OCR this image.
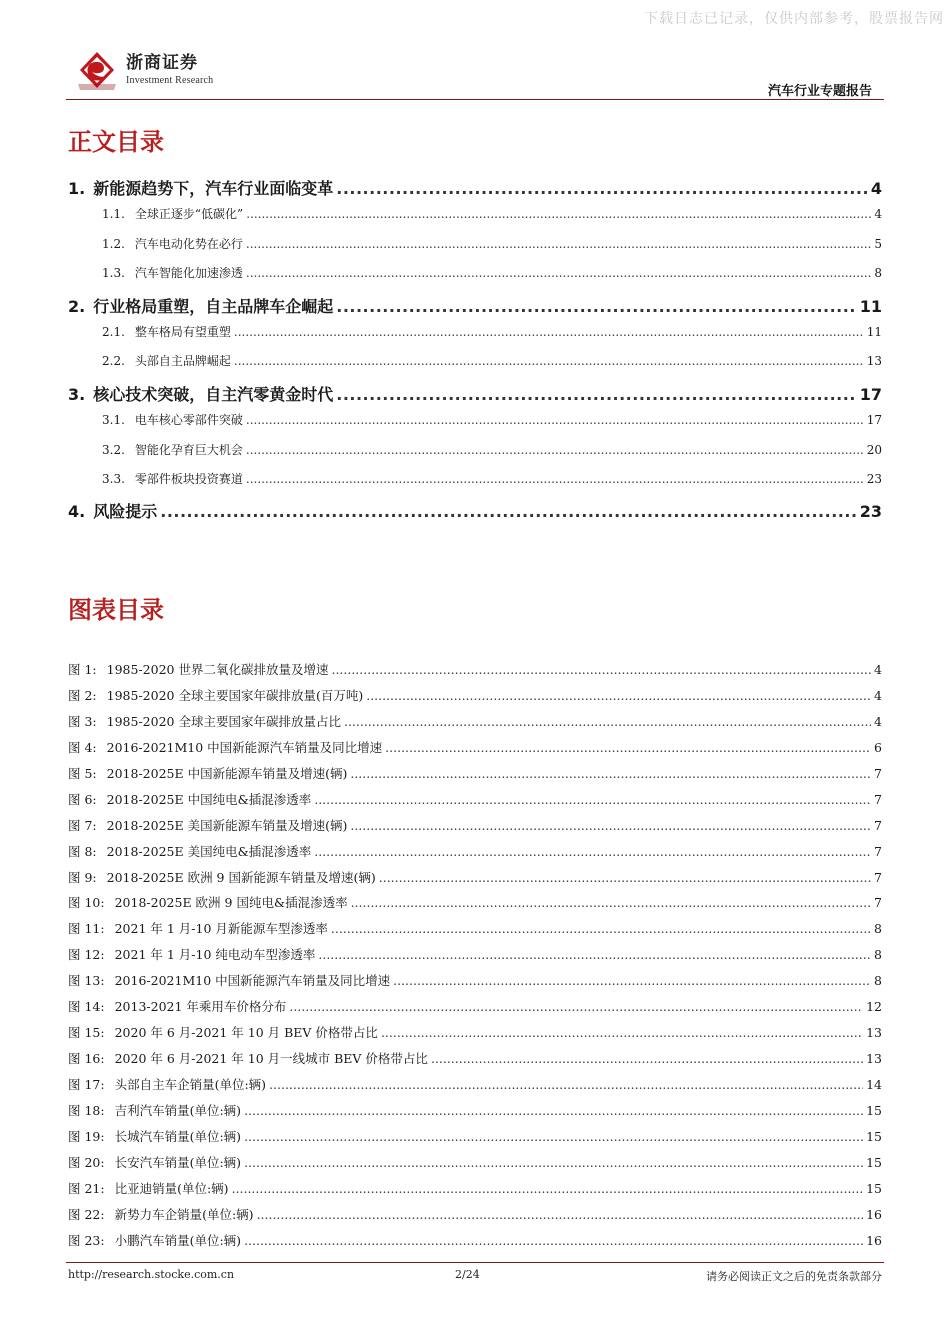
下载日志已记录，仅供内部参考，股票报告网
浙商证券
Investment Research
汽车行业专题报告
正文目录
1. 新能源趋势下，汽车行业面临变革 .....	4
1.1. 全球正逐步“低碳化” .....	4
1.2. 汽车电动化势在必行 .....	5
1.3. 汽车智能化加速渗透 .....	8
2. 行业格局重塑，自主品牌车企崛起 .....	11
2.1. 整车格局有望重塑 .....	11
2.2. 头部自主品牌崛起 .....	13
3. 核心技术突破，自主汽零黄金时代 .....	17
3.1. 电车核心零部件突破 .....	17
3.2. 智能化孕育巨大机会 .....	20
3.3. 零部件板块投资赛道 .....	23
4. 风险提示 .....	23
图表目录
图 1: 1985-2020 世界二氧化碳排放量及增速 .....	4
图 2: 1985-2020 全球主要国家年碳排放量(百万吨) .....	4
图 3: 1985-2020 全球主要国家年碳排放量占比 .....	4
图 4: 2016-2021M10 中国新能源汽车销量及同比增速 .....	6
图 5: 2018-2025E 中国新能源车销量及增速(辆) .....	7
图 6: 2018-2025E 中国纯电&插混渗透率 .....	7
图 7: 2018-2025E 美国新能源车销量及增速(辆) .....	7
图 8: 2018-2025E 美国纯电&插混渗透率 .....	7
图 9: 2018-2025E 欧洲 9 国新能源车销量及增速(辆) .....	7
图 10: 2018-2025E 欧洲 9 国纯电&插混渗透率 .....	7
图 11: 2021 年 1 月-10 月新能源车型渗透率 .....	8
图 12: 2021 年 1 月-10 纯电动车型渗透率 .....	8
图 13: 2016-2021M10 中国新能源汽车销量及同比增速 .....	8
图 14: 2013-2021 年乘用车价格分布 .....	12
图 15: 2020 年 6 月-2021 年 10 月 BEV 价格带占比 .....	13
图 16: 2020 年 6 月-2021 年 10 月一线城市 BEV 价格带占比 .....	13
图 17: 头部自主车企销量(单位:辆) .....	14
图 18: 吉利汽车销量(单位:辆) .....	15
图 19: 长城汽车销量(单位:辆) .....	15
图 20: 长安汽车销量(单位:辆) .....	15
图 21: 比亚迪销量(单位:辆) .....	15
图 22: 新势力车企销量(单位:辆) .....	16
图 23: 小鹏汽车销量(单位:辆) .....	16
http://research.stocke.com.cn	2/24	请务必阅读正文之后的免责条款部分
